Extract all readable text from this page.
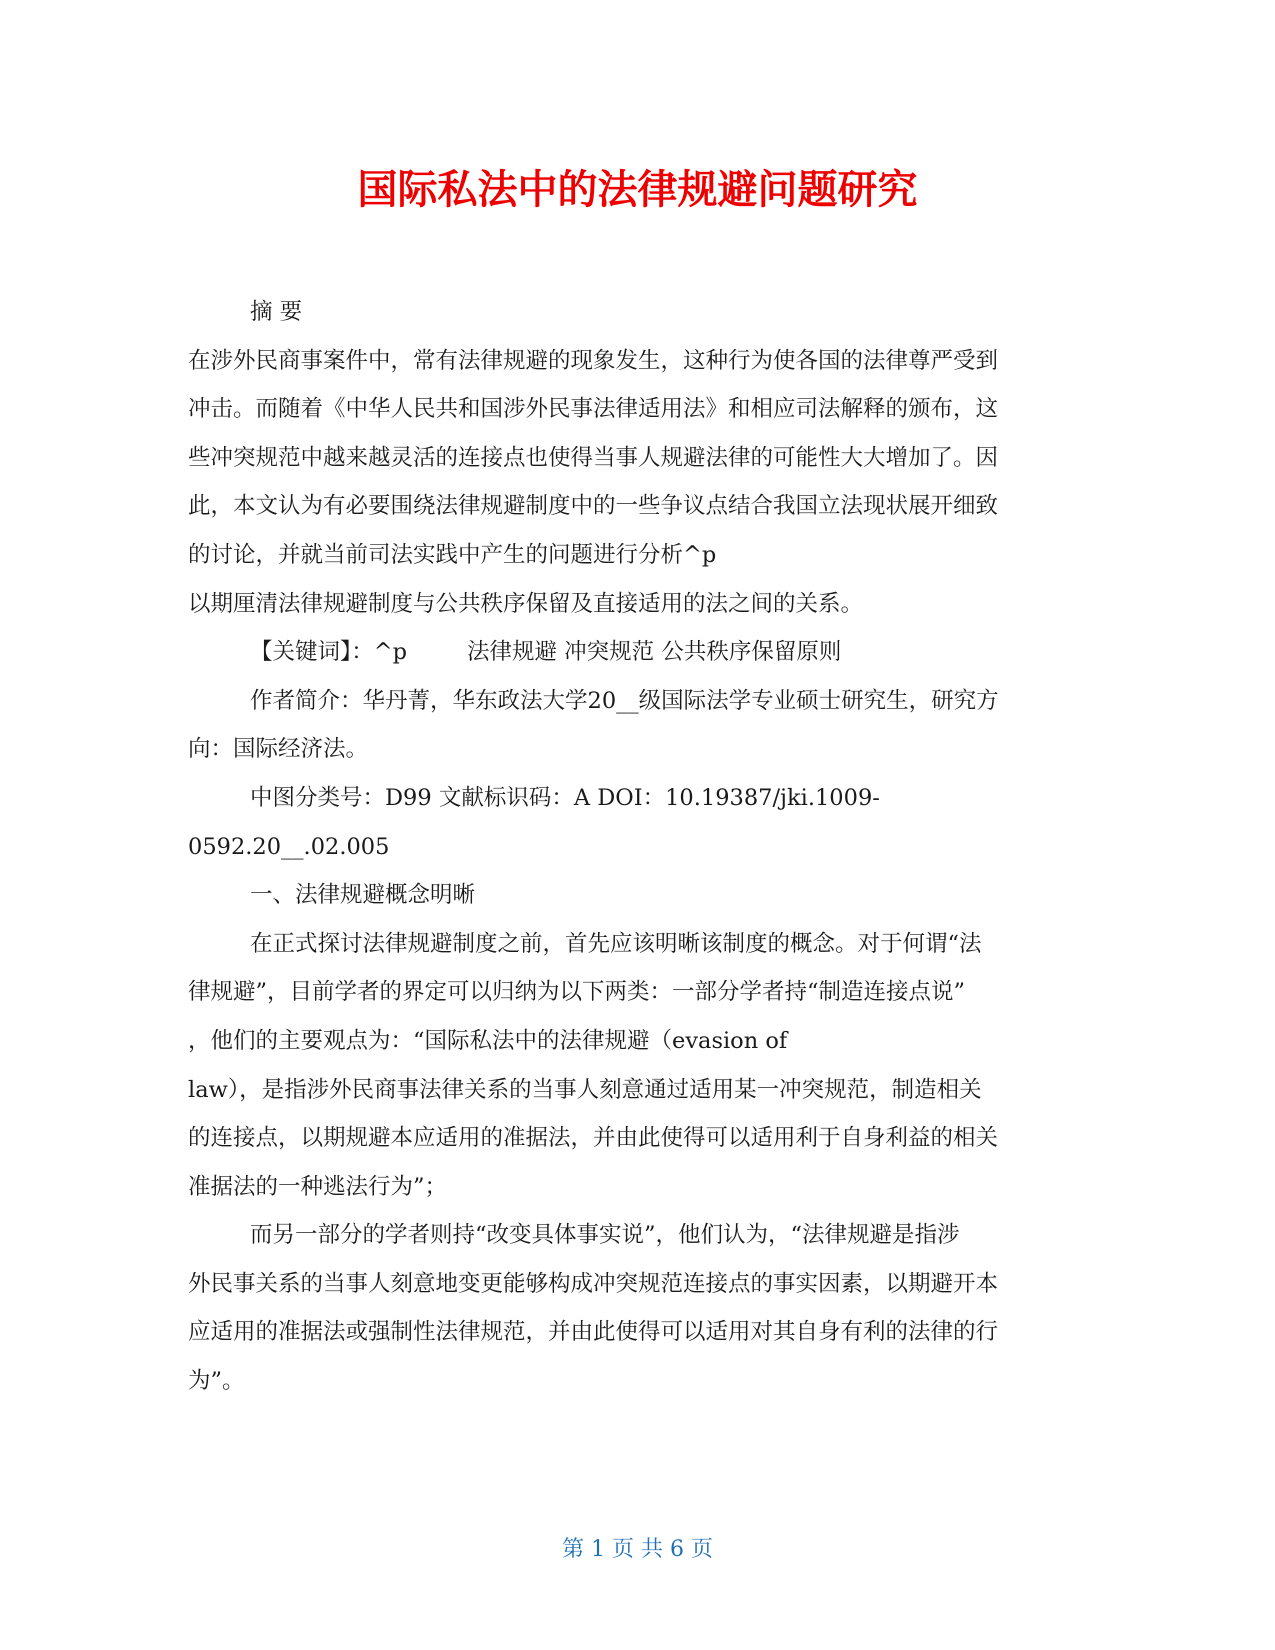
国际私法中的法律规避问题研究

摘 要

在涉外民商事案件中，常有法律规避的现象发生，这种行为使各国的法律尊严受到

冲击。而随着《中华人民共和国涉外民事法律适用法》和相应司法解释的颁布，这

些冲突规范中越来越灵活的连接点也使得当事人规避法律的可能性大大增加了。因

此，本文认为有必要围绕法律规避制度中的一些争议点结合我国立法现状展开细致

的讨论，并就当前司法实践中产生的问题进行分析^p

以期厘清法律规避制度与公共秩序保留及直接适用的法之间的关系。

【关键词】：^p	法律规避 冲突规范 公共秩序保留原则

作者简介：华丹菁，华东政法大学20__级国际法学专业硕士研究生，研究方

向：国际经济法。

中图分类号：D99 文献标识码：A DOI：10.19387/jki.1009-

0592.20__.02.005

一、法律规避概念明晰

在正式探讨法律规避制度之前，首先应该明晰该制度的概念。对于何谓“法

律规避”，目前学者的界定可以归纳为以下两类：一部分学者持“制造连接点说”

，他们的主要观点为：“国际私法中的法律规避（evasion of

law），是指涉外民商事法律关系的当事人刻意通过适用某一冲突规范，制造相关

的连接点，以期规避本应适用的准据法，并由此使得可以适用利于自身利益的相关

准据法的一种逃法行为”；

而另一部分的学者则持“改变具体事实说”，他们认为，“法律规避是指涉

外民事关系的当事人刻意地变更能够构成冲突规范连接点的事实因素，以期避开本

应适用的准据法或强制性法律规范，并由此使得可以适用对其自身有利的法律的行

为”。

第 1 页 共 6 页
